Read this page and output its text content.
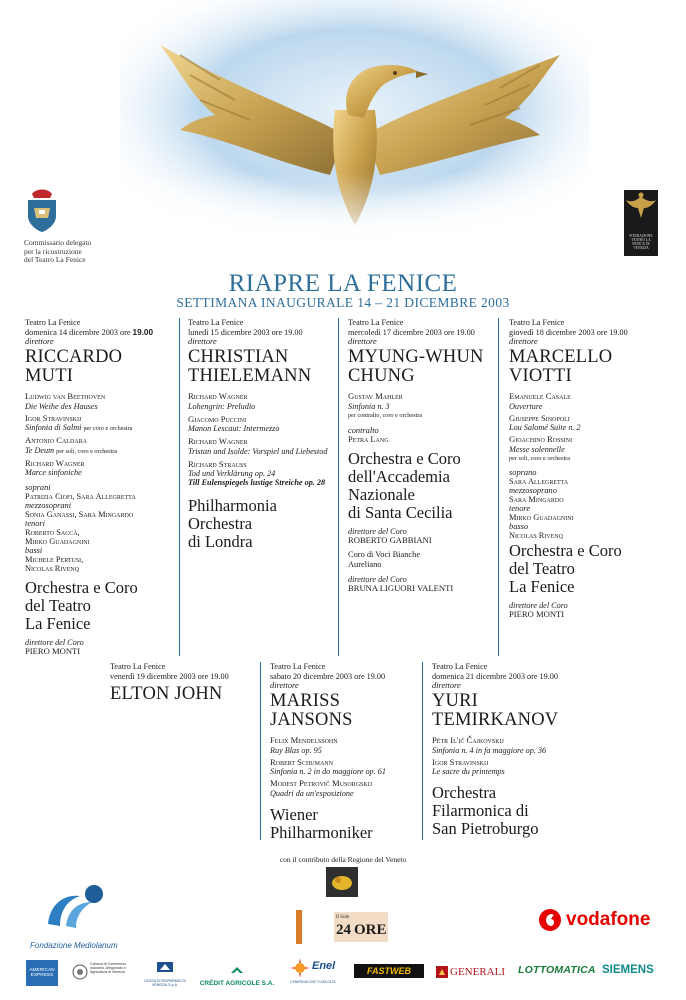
Commissario delegato
per la ricostruzione
del Teatro La Fenice
FONDAZIONE TEATRO LA FENICE DI VENEZIA
RIAPRE LA FENICE
SETTIMANA INAUGURALE 14 – 21 DICEMBRE 2003
Teatro La Fenice
domenica 14 dicembre 2003 ore 19.00
direttore
RICCARDO
MUTI
Ludwig van Beethoven
Die Weihe des Hauses
Igor Stravinskij
Sinfonia di Salmi per coro e orchestra
Antonio Caldara
Te Deum per soli, coro e orchestra
Richard Wagner
Marce sinfoniche
soprani
Patrizia Ciofi, Sara Allegretta
mezzosoprani
Sonia Ganassi, Sara Mingardo
tenori
Roberto Saccà,
Mirko Guadagnini
bassi
Michele Pertusi,
Nicolas Rivenq
Orchestra e Coro
del Teatro
La Fenice
direttore del Coro
PIERO MONTI
Teatro La Fenice
lunedì 15 dicembre 2003 ore 19.00
direttore
CHRISTIAN
THIELEMANN
Richard Wagner
Lohengrin: Preludio
Giacomo Puccini
Manon Lescaut: Intermezzo
Richard Wagner
Tristan und Isolde: Vorspiel und Liebestod
Richard Strauss
Tod und Verklärung op. 24
Till Eulenspiegels lustige Streiche op. 28
Philharmonia
Orchestra
di Londra
Teatro La Fenice
mercoledì 17 dicembre 2003 ore 19.00
direttore
MYUNG-WHUN
CHUNG
Gustav Mahler
Sinfonia n. 3
per contralto, coro e orchestra
contralto
Petra Lang
Orchestra e Coro
dell'Accademia
Nazionale
di Santa Cecilia
direttore del Coro
ROBERTO GABBIANI
Coro di Voci Bianche
Aureliano
direttore del Coro
BRUNA LIGUORI VALENTI
Teatro La Fenice
giovedì 18 dicembre 2003 ore 19.00
direttore
MARCELLO
VIOTTI
Emanuele Casale
Ouverture
Giuseppe Sinopoli
Lou Salomé Suite n. 2
Gioachino Rossini
Messe solennelle
per soli, coro e orchestra
soprano
Sara Allegretta
mezzosoprano
Sara Mingardo
tenore
Mirko Guadagnini
basso
Nicolas Rivenq
Orchestra e Coro
del Teatro
La Fenice
direttore del Coro
PIERO MONTI
Teatro La Fenice
venerdì 19 dicembre 2003 ore 19.00
ELTON JOHN
Teatro La Fenice
sabato 20 dicembre 2003 ore 19.00
direttore
MARISS
JANSONS
Felix Mendelssohn
Ruy Blas op. 95
Robert Schumann
Sinfonia n. 2 in do maggiore op. 61
Modest Petrovič Musorgskij
Quadri da un'esposizione
Wiener
Philharmoniker
Teatro La Fenice
domenica 21 dicembre 2003 ore 19.00
direttore
YURI
TEMIRKANOV
Pëtr Il'ič Čajkovskij
Sinfonia n. 4 in fa maggiore op. 36
Igor Stravinskij
Le sacre du printemps
Orchestra
Filarmonica di
San Pietroburgo
con il contributo della Regione del Veneto
Fondazione Mediolanum
Il Sole
24 ORE	vodafone
AMERICAN EXPRESS
Camera di Commercio Industria, Artigianato e Agricoltura di Venezia
CASSA DI RISPARMIO DI VENEZIA S.p.A.	CRÉDIT AGRICOLE S.A.
Enel
L'ENERGIA CHE TI ASCOLTA.
FASTWEB	GENERALI LOTTOMATICA SIEMENS
